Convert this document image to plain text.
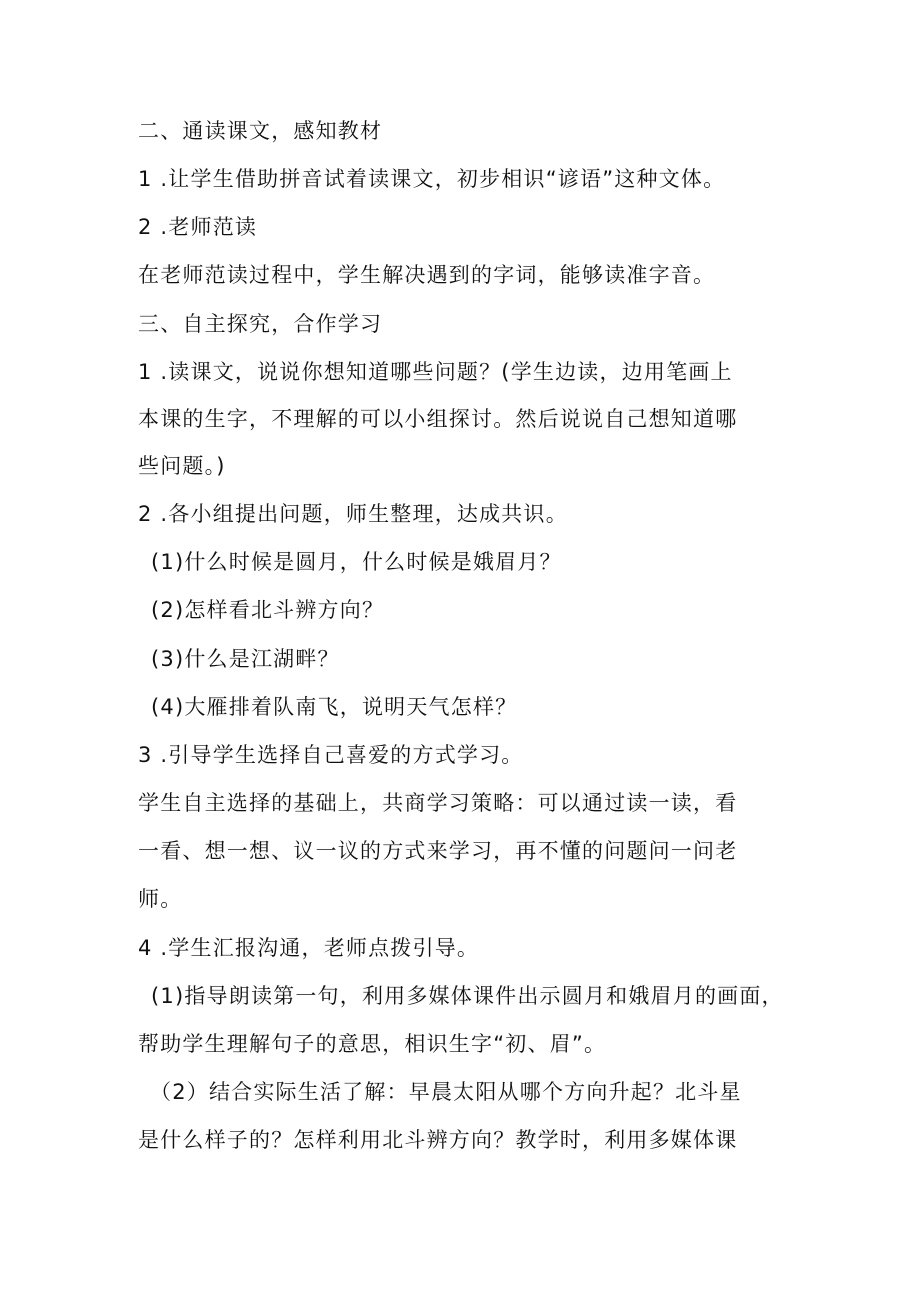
二、通读课文，感知教材
1 .让学生借助拼音试着读课文，初步相识“谚语”这种文体。
2 .老师范读
在老师范读过程中，学生解决遇到的字词，能够读准字音。
三、自主探究，合作学习
1 .读课文，说说你想知道哪些问题？(学生边读，边用笔画上
本课的生字，不理解的可以小组探讨。然后说说自己想知道哪
些问题。)
2 .各小组提出问题，师生整理，达成共识。
(1)什么时候是圆月，什么时候是娥眉月？
(2)怎样看北斗辨方向？
(3)什么是江湖畔？
(4)大雁排着队南飞，说明天气怎样？
3 .引导学生选择自己喜爱的方式学习。
学生自主选择的基础上，共商学习策略：可以通过读一读，看
一看、想一想、议一议的方式来学习，再不懂的问题问一问老
师。
4 .学生汇报沟通，老师点拨引导。
(1)指导朗读第一句，利用多媒体课件出示圆月和娥眉月的画面，
帮助学生理解句子的意思，相识生字“初、眉”。
（2）结合实际生活了解：早晨太阳从哪个方向升起？北斗星
是什么样子的？怎样利用北斗辨方向？教学时，利用多媒体课
